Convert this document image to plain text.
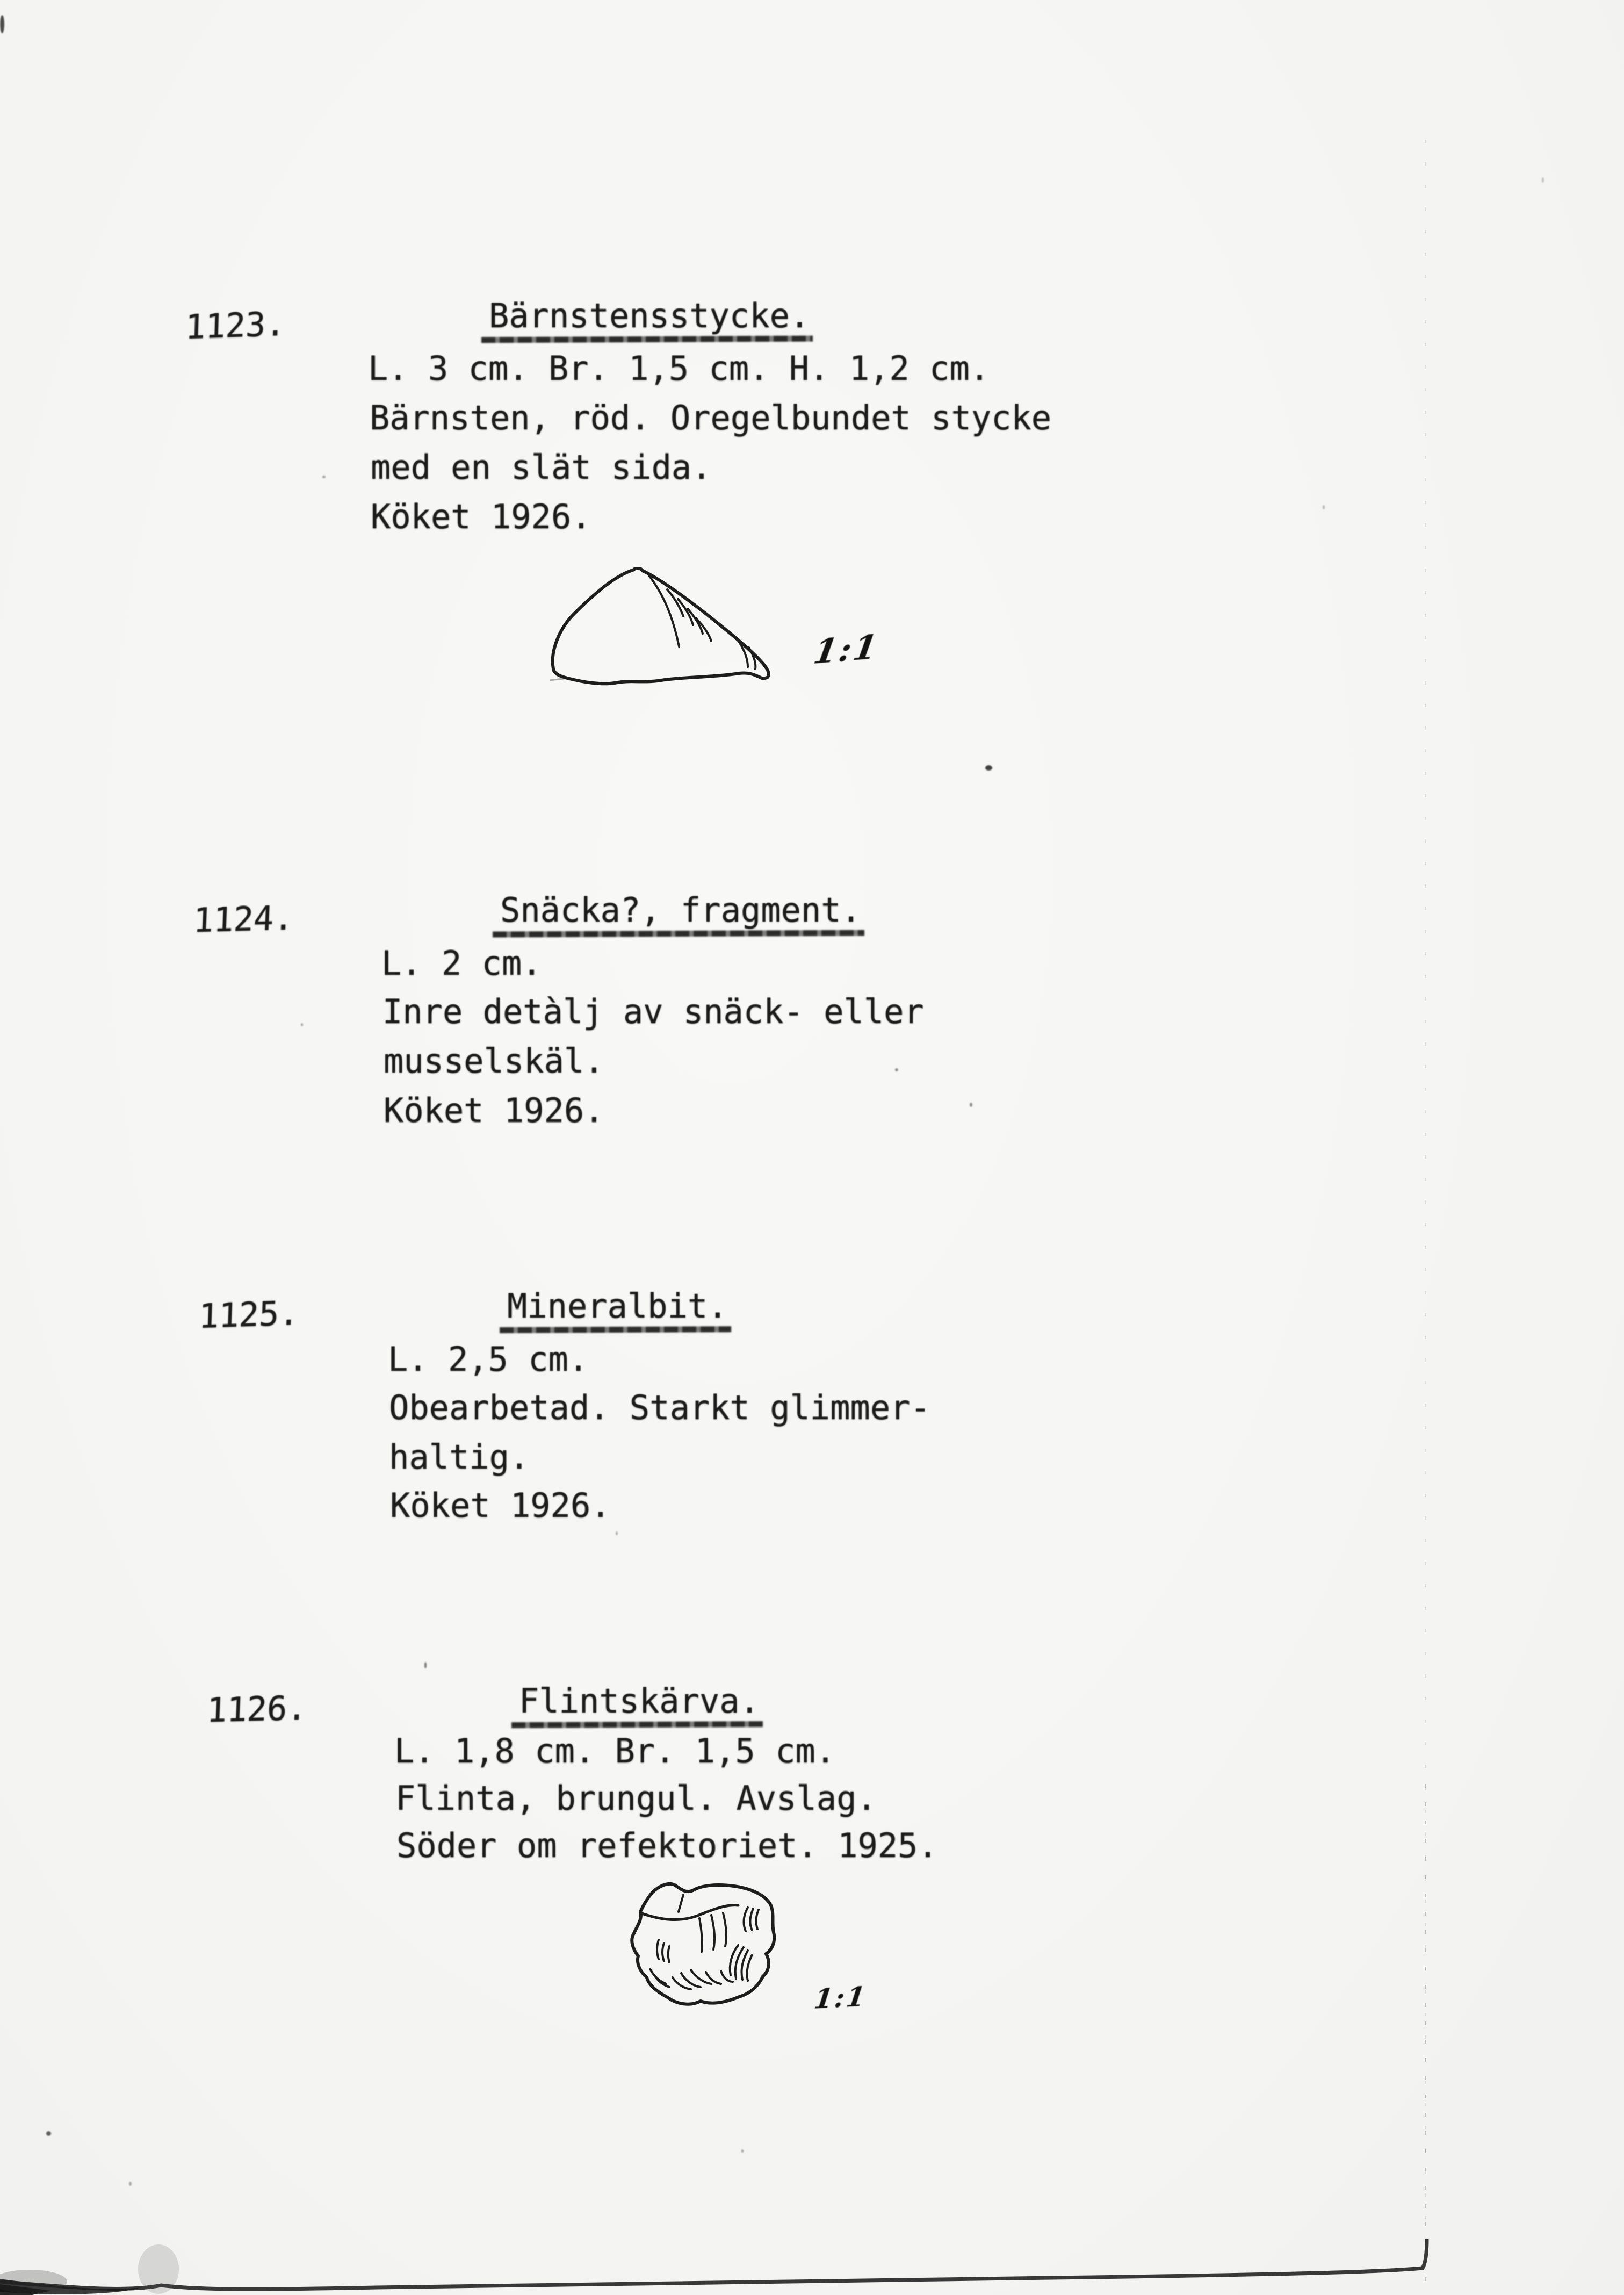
1123.	Bärnstensstycke.
L. 3 cm. Br. 1,5 cm. H. 1,2 cm.
Bärnsten, röd. Oregelbundet stycke
med en slät sida.
Köket 1926.
1:1
1124.	Snäcka?, fragment.
L. 2 cm.
Inre detàlj av snäck- eller
musselskäl.
Köket 1926.
1125.	Mineralbit.
L. 2,5 cm.
Obearbetad. Starkt glimmer-
haltig.
Köket 1926.
1126.	Flintskärva.
L. 1,8 cm. Br. 1,5 cm.
Flinta, brungul. Avslag.
Söder om refektoriet. 1925.
1:1
